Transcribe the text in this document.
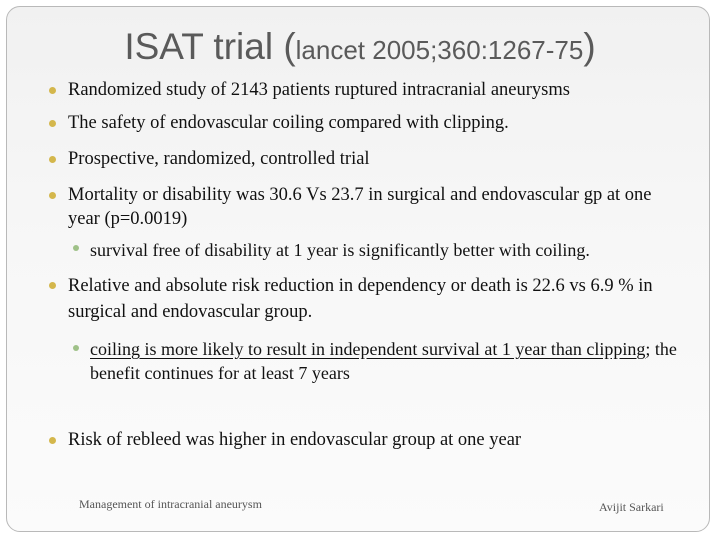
ISAT trial (lancet 2005;360:1267-75)
Randomized study of 2143 patients ruptured intracranial aneurysms
The safety of endovascular coiling compared with clipping.
Prospective, randomized, controlled trial
Mortality or disability was 30.6 Vs 23.7 in surgical and endovascular gp at one year (p=0.0019)
survival free of disability at 1 year is significantly better with coiling.
Relative and absolute risk reduction in dependency or death is 22.6 vs 6.9 % in surgical and endovascular group.
coiling is more likely to result in independent survival at 1 year than clipping; the benefit continues for at least 7 years
Risk of rebleed was higher in endovascular group at one year
Management of intracranial aneurysm	Avijit Sarkari
